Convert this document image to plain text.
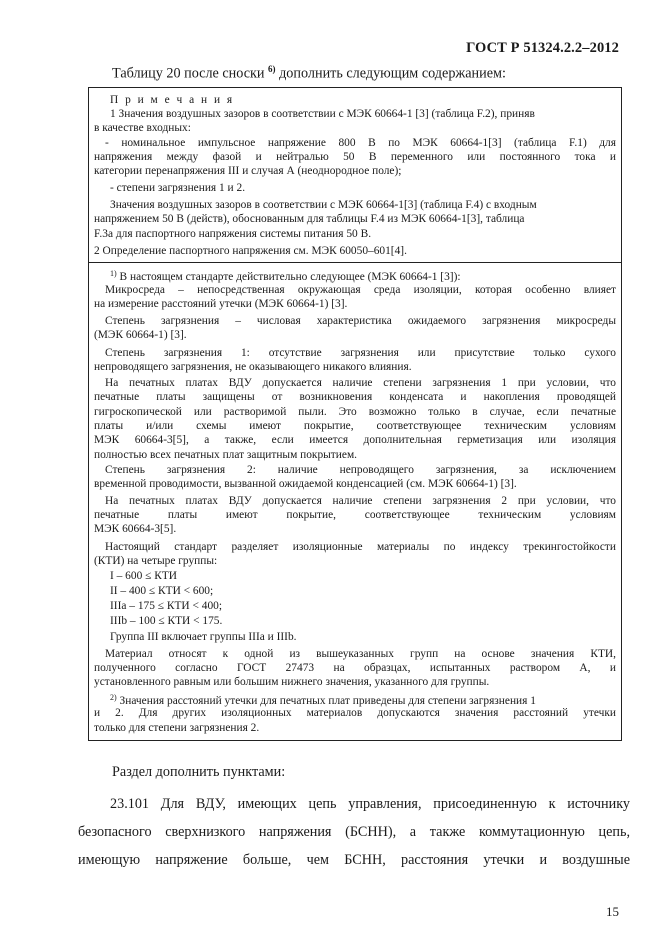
ГОСТ Р 51324.2.2–2012
Таблицу 20 после сноски $^{6)}$ дополнить следующим содержанием:
П р и м е ч а н и я
1 Значения воздушных зазоров в соответствии с МЭК 60664-1 [3] (таблица F.2), приняв
в качестве входных:
- номинальное импульсное напряжение 800 В по МЭК 60664-1[3] (таблица F.1) для
напряжения между фазой и нейтралью 50 В переменного или постоянного тока и
категории перенапряжения III и случая А (неоднородное поле);
- степени загрязнения 1 и 2.
Значения воздушных зазоров в соответствии с МЭК 60664-1[3] (таблица F.4) с входным
напряжением 50 В (действ), обоснованным для таблицы F.4 из МЭК 60664-1[3], таблица
F.3а для паспортного напряжения системы питания 50 В.
2 Определение паспортного напряжения см. МЭК 60050–601[4].
$^{1)}$ В настоящем стандарте действительно следующее (МЭК 60664-1 [3]):
Микросреда – непосредственная окружающая среда изоляции, которая особенно влияет
на измерение расстояний утечки (МЭК 60664-1) [3].
Степень загрязнения – числовая характеристика ожидаемого загрязнения микросреды
(МЭК 60664-1) [3].
Степень загрязнения 1: отсутствие загрязнения или присутствие только сухого
непроводящего загрязнения, не оказывающего никакого влияния.
На печатных платах ВДУ допускается наличие степени загрязнения 1 при условии, что
печатные платы защищены от возникновения конденсата и накопления проводящей
гигроскопической или растворимой пыли. Это возможно только в случае, если печатные
платы и/или схемы имеют покрытие, соответствующее техническим условиям
МЭК 60664-3[5], а также, если имеется дополнительная герметизация или изоляция
полностью всех печатных плат защитным покрытием.
Степень загрязнения 2: наличие непроводящего загрязнения, за исключением
временной проводимости, вызванной ожидаемой конденсацией (см. МЭК 60664-1) [3].
На печатных платах ВДУ допускается наличие степени загрязнения 2 при условии, что
печатные платы имеют покрытие, соответствующее техническим условиям
МЭК 60664-3[5].
Настоящий стандарт разделяет изоляционные материалы по индексу трекингостойкости
(КТИ) на четыре группы:
I – 600 ≤ КТИ
II – 400 ≤ КТИ < 600;
IIIa – 175 ≤ КТИ < 400;
IIIb – 100 ≤ КТИ < 175.
Группа III включает группы IIIa и IIIb.
Материал относят к одной из вышеуказанных групп на основе значения КТИ,
полученного согласно ГОСТ 27473 на образцах, испытанных раствором А, и
установленного равным или большим нижнего значения, указанного для группы.
$^{2)}$ Значения расстояний утечки для печатных плат приведены для степени загрязнения 1
и 2. Для других изоляционных материалов допускаются значения расстояний утечки
только для степени загрязнения 2.
Раздел дополнить пунктами:
23.101 Для ВДУ, имеющих цепь управления, присоединенную к источнику
безопасного сверхнизкого напряжения (БСНН), а также коммутационную цепь,
имеющую напряжение больше, чем БСНН, расстояния утечки и воздушные
15
